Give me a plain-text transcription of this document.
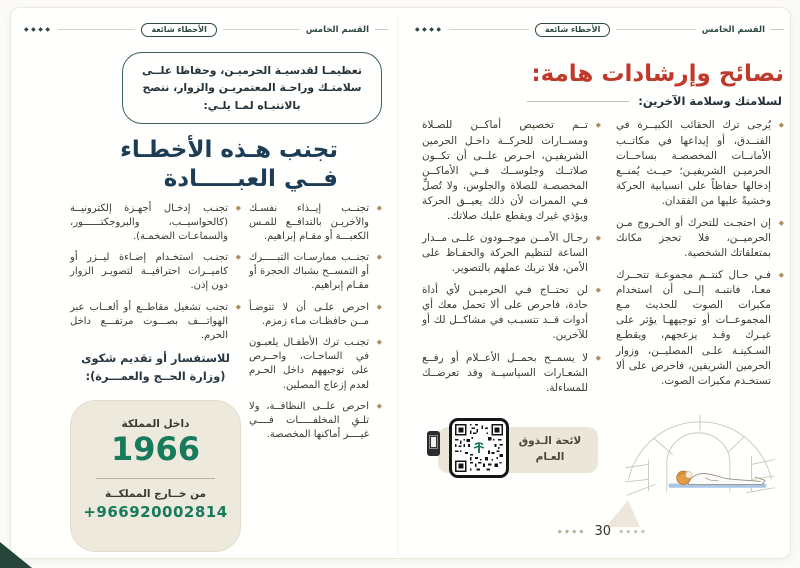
القسم الخامس
الأخطاء شائعة
◆◆◆◆
نصائح وإرشادات هامة:
لسلامتك وسلامة الآخرين:
◆ يُرجى ترك الحقائب الكبيــرة في الفنــدق، أو إيداعها في مكاتــب الأمانــات المخصصـة بساحــات الحرميـن الشريفيـن؛ حيــث يُمنــع إدخالها حفاظاً على انسيابية الحركة وخشيةً عليها من الفقدان.
◆ إن احتجـت للتحرك أو الخـروج مـن الحرميــن، فلا تحجز مكانك بمتعلقاتك الشخصية.
◆ فـي حـال كنتــم مجموعـة تتحــرك معـا، فانتبـه إلــى أن استخدام مكبرات الصوت للحديث مـع المجموعــات أو توجيههـا يؤثر على غيـرك وقـد يزعجهم، ويقطـع السـكينـة علـى المصليــن، وزوار الحرمين الشريفين، فاحرص على ألا تستخـدم مكبرات الصوت.
◆ تــم تخصيص أماكــن للصـلاة ومســارات للحركــة داخـل الحرمين الشريفيـن، احـرص علــى أن تكــون صلاتــك وجلوســك فــي الأماكــن المخصصـة للصلاة والجلوس، ولا تُصلِّ فـي الممرات لأن ذلك يعيــق الحركة ويؤذي غيرك ويقطع عليك صلاتك.
◆ رجـال الأمــن موجــودون علــى مــدار الساعة لتنظيم الحركة والحفـاظ على الأمن، فلا تربك عملهم بالتصوير.
◆ لن تحتــاج فـي الحرميـن لأي أداة حادة، فاحرص على ألا تحمل معك أي أدوات قــد تتسبـب في مشاكــل لك أو للآخرين.
◆ لا يسمــح بحمــل الأعــلام أو رفــع الشعـارات السياسيــة وقد تعرضــك للمساءلة.
لائحة الـذوق
العـام
◆◆◆◆ 30 ◆◆◆◆
القسم الخامس
الأخطاء شائعة
◆◆◆◆
تعظيمـا لقدسيـة الحرميـن، وحفاظا علــى سلامتـك وراحـة المعتمريـن والزوار، ننصح بالانتبـاه لمـا يلـي:
تجنب هـذه الأخطـاء
فــي العبـــــادة
◆ تجنــب إيــذاء نفسـك والآخريـن بالتدافــع للمـس الكعبـــة أو مقـام إبراهيم.
◆ تجنــب ممارسـات التبـــــرك أو التمســح بشباك الحجرة أو مقـام إبراهيم.
◆ احرص علـى أن لا تتوضـأ مــن حافظـات مـاء زمزم.
◆ تجنـب ترك الأطفـال يلعبـون في الساحـات، واحــرص على توجيههم داخل الحـرم لعدم إزعاج المصلين.
◆ احرص علــى النظافــة، ولا تلـقِ المخلفـــــات فــــي غيــــر أماكنها المخصصة.
◆ تجنـب إدخـال أجهـزة إلكترونيــة (كالحواسيــب، والبروجكتــــــور، والسماعـات الضخمـة).
◆ تجنـب استخـدام إضـاءة ليــزر أو كاميــرات احترافيــة لتصويـر الزوار دون إذن.
◆ تجنب تشغيل مقاطــع أو ألعــاب عبر الهواتـــف بصـــوت مرتفـــع داخل الحرم.
للاستفسار أو تقديم شكوى
(وزارة الحــج والعمـــرة):
داخل المملكة
1966
من خــارج المملكــة
+966920002814
